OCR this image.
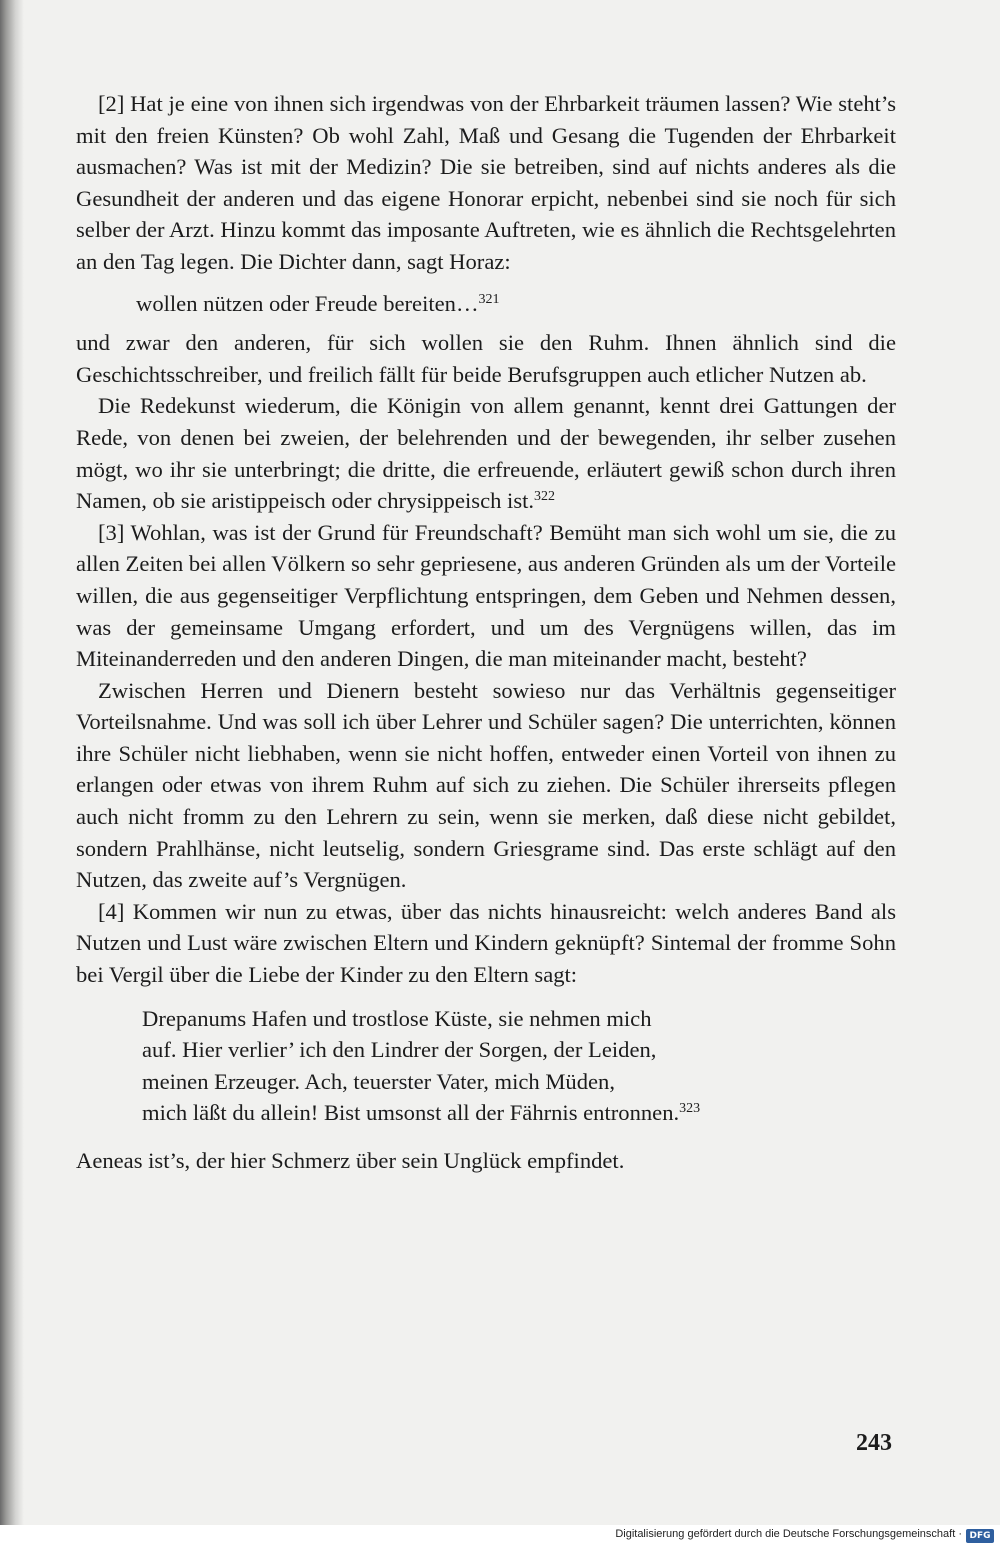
[2] Hat je eine von ihnen sich irgendwas von der Ehrbarkeit träumen lassen? Wie steht’s mit den freien Künsten? Ob wohl Zahl, Maß und Gesang die Tugenden der Ehrbarkeit ausmachen? Was ist mit der Medizin? Die sie betreiben, sind auf nichts anderes als die Gesundheit der anderen und das eigene Honorar erpicht, nebenbei sind sie noch für sich selber der Arzt. Hinzu kommt das imposante Auftreten, wie es ähnlich die Rechtsgelehrten an den Tag legen. Die Dichter dann, sagt Horaz:

wollen nützen oder Freude bereiten…$^{321}$

und zwar den anderen, für sich wollen sie den Ruhm. Ihnen ähnlich sind die Geschichtsschreiber, und freilich fällt für beide Berufsgruppen auch etlicher Nutzen ab.

Die Redekunst wiederum, die Königin von allem genannt, kennt drei Gattungen der Rede, von denen bei zweien, der belehrenden und der bewegenden, ihr selber zusehen mögt, wo ihr sie unterbringt; die dritte, die erfreuende, erläutert gewiß schon durch ihren Namen, ob sie aristippeisch oder chrysippeisch ist.$^{322}$

[3] Wohlan, was ist der Grund für Freundschaft? Bemüht man sich wohl um sie, die zu allen Zeiten bei allen Völkern so sehr gepriesene, aus anderen Gründen als um der Vorteile willen, die aus gegenseitiger Verpflichtung entspringen, dem Geben und Nehmen dessen, was der gemeinsame Umgang erfordert, und um des Vergnügens willen, das im Miteinanderreden und den anderen Dingen, die man miteinander macht, besteht?

Zwischen Herren und Dienern besteht sowieso nur das Verhältnis gegenseitiger Vorteilsnahme. Und was soll ich über Lehrer und Schüler sagen? Die unterrichten, können ihre Schüler nicht liebhaben, wenn sie nicht hoffen, entweder einen Vorteil von ihnen zu erlangen oder etwas von ihrem Ruhm auf sich zu ziehen. Die Schüler ihrerseits pflegen auch nicht fromm zu den Lehrern zu sein, wenn sie merken, daß diese nicht gebildet, sondern Prahlhänse, nicht leutselig, sondern Griesgrame sind. Das erste schlägt auf den Nutzen, das zweite auf’s Vergnügen.

[4] Kommen wir nun zu etwas, über das nichts hinausreicht: welch anderes Band als Nutzen und Lust wäre zwischen Eltern und Kindern geknüpft? Sintemal der fromme Sohn bei Vergil über die Liebe der Kinder zu den Eltern sagt:

Drepanums Hafen und trostlose Küste, sie nehmen mich
auf. Hier verlier’ ich den Lindrer der Sorgen, der Leiden,
meinen Erzeuger. Ach, teuerster Vater, mich Müden,
mich läßt du allein! Bist umsonst all der Fährnis entronnen.$^{323}$

Aeneas ist’s, der hier Schmerz über sein Unglück empfindet.

243
Digitalisierung gefördert durch die Deutsche Forschungsgemeinschaft · DFG
